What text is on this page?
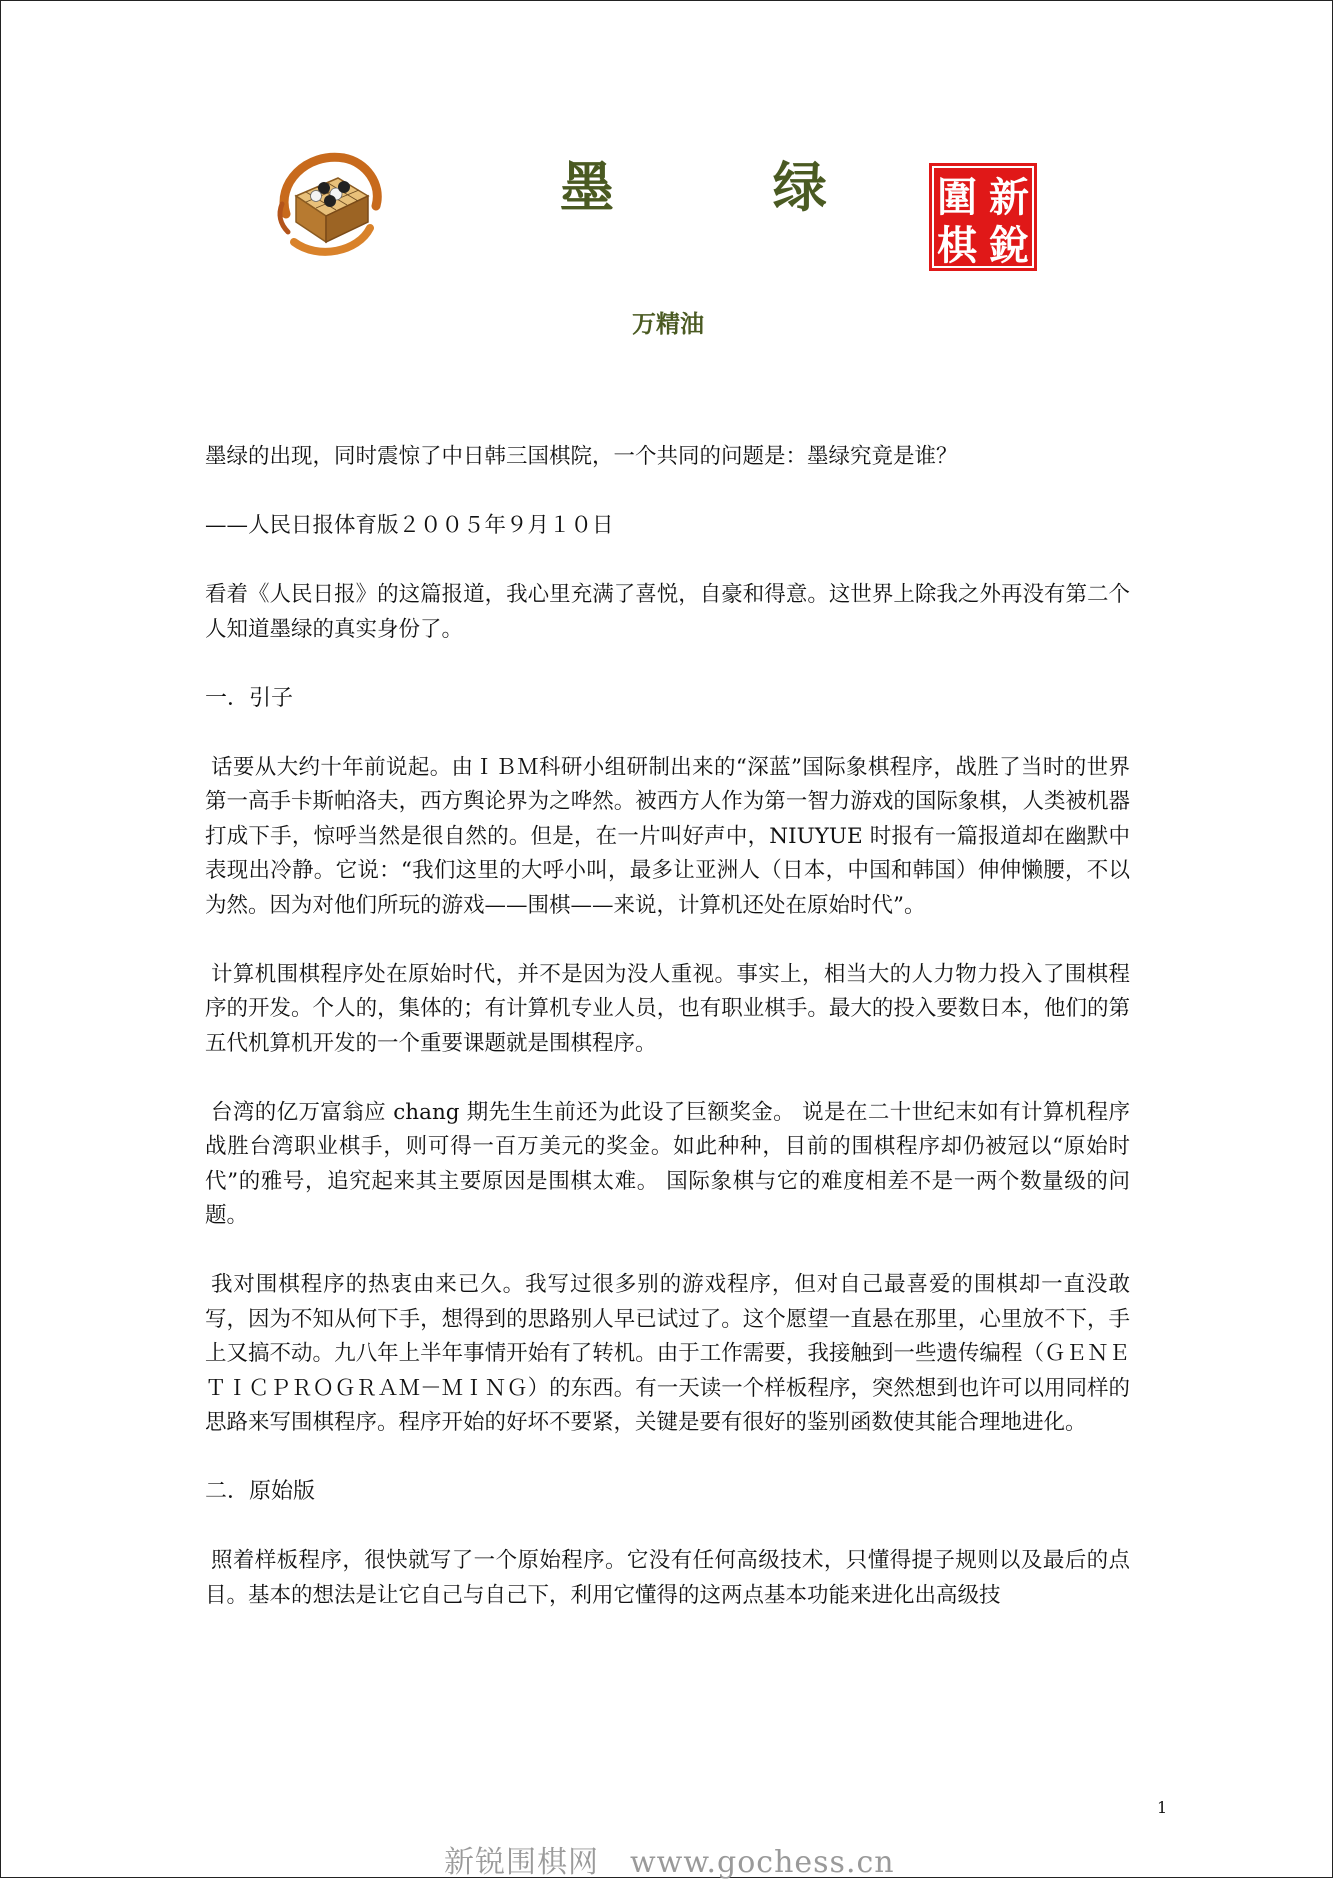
墨 绿 新
銳
圍
棋
万精油

墨绿的出现，同时震惊了中日韩三国棋院，一个共同的问题是：墨绿究竟是谁？

——人民日报体育版２００５年９月１０日

看着《人民日报》的这篇报道，我心里充满了喜悦，自豪和得意。这世界上除我之外再没有第二个人知道墨绿的真实身份了。

一．引子

话要从大约十年前说起。由ＩＢＭ科研小组研制出来的“深蓝”国际象棋程序，战胜了当时的世界第一高手卡斯帕洛夫，西方舆论界为之哗然。被西方人作为第一智力游戏的国际象棋，人类被机器打成下手，惊呼当然是很自然的。但是，在一片叫好声中，NIUYUE 时报有一篇报道却在幽默中表现出冷静。它说：“我们这里的大呼小叫，最多让亚洲人（日本，中国和韩国）伸伸懒腰，不以为然。因为对他们所玩的游戏——围棋——来说，计算机还处在原始时代”。

计算机围棋程序处在原始时代，并不是因为没人重视。事实上，相当大的人力物力投入了围棋程序的开发。个人的，集体的；有计算机专业人员，也有职业棋手。最大的投入要数日本，他们的第五代机算机开发的一个重要课题就是围棋程序。

台湾的亿万富翁应 chang 期先生生前还为此设了巨额奖金。 说是在二十世纪末如有计算机程序战胜台湾职业棋手，则可得一百万美元的奖金。如此种种，目前的围棋程序却仍被冠以“原始时代”的雅号，追究起来其主要原因是围棋太难。 国际象棋与它的难度相差不是一两个数量级的问题。

我对围棋程序的热衷由来已久。我写过很多别的游戏程序，但对自己最喜爱的围棋却一直没敢写，因为不知从何下手，想得到的思路别人早已试过了。这个愿望一直悬在那里，心里放不下，手上又搞不动。九八年上半年事情开始有了转机。由于工作需要，我接触到一些遗传编程（ＧＥＮＥＴＩＣＰＲＯＧＲＡＭ－ＭＩＮＧ）的东西。有一天读一个样板程序，突然想到也许可以用同样的思路来写围棋程序。程序开始的好坏不要紧，关键是要有很好的鉴别函数使其能合理地进化。

二．原始版

照着样板程序，很快就写了一个原始程序。它没有任何高级技术，只懂得提子规则以及最后的点目。基本的想法是让它自己与自己下，利用它懂得的这两点基本功能来进化出高级技

1
新锐围棋网　www.gochess.cn
